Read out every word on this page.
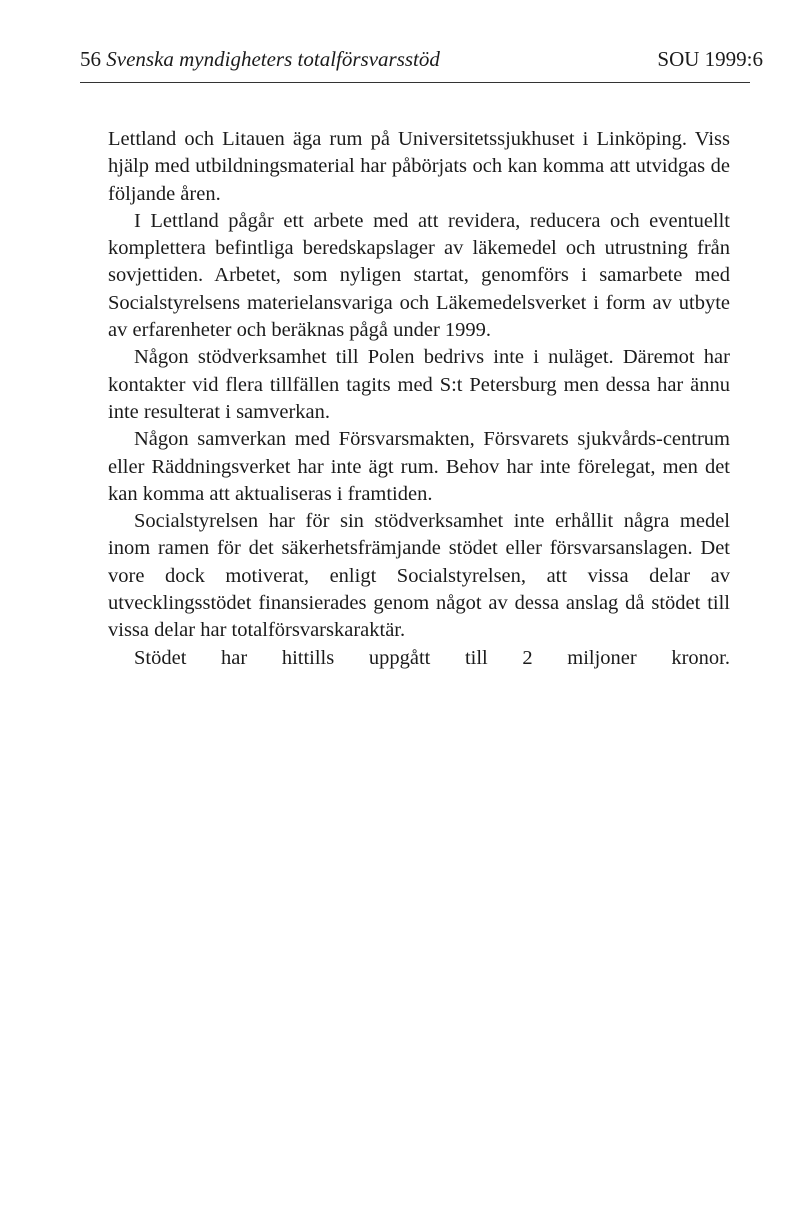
56 Svenska myndigheters totalförsvarsstöd	SOU 1999:6

Lettland och Litauen äga rum på Universitetssjukhuset i Linköping. Viss hjälp med utbildningsmaterial har påbörjats och kan komma att utvidgas de följande åren.

I Lettland pågår ett arbete med att revidera, reducera och eventuellt komplettera befintliga beredskapslager av läkemedel och utrustning från sovjettiden. Arbetet, som nyligen startat, genomförs i samarbete med Socialstyrelsens materielansvariga och Läkemedelsverket i form av utbyte av erfarenheter och beräknas pågå under 1999.

Någon stödverksamhet till Polen bedrivs inte i nuläget. Däremot har kontakter vid flera tillfällen tagits med S:t Petersburg men dessa har ännu inte resulterat i samverkan.

Någon samverkan med Försvarsmakten, Försvarets sjukvårds-centrum eller Räddningsverket har inte ägt rum. Behov har inte förelegat, men det kan komma att aktualiseras i framtiden.

Socialstyrelsen har för sin stödverksamhet inte erhållit några medel inom ramen för det säkerhetsfrämjande stödet eller försvarsanslagen. Det vore dock motiverat, enligt Socialstyrelsen, att vissa delar av utvecklingsstödet finansierades genom något av dessa anslag då stödet till vissa delar har totalförsvarskaraktär.

Stödet har hittills uppgått till 2 miljoner kronor.
